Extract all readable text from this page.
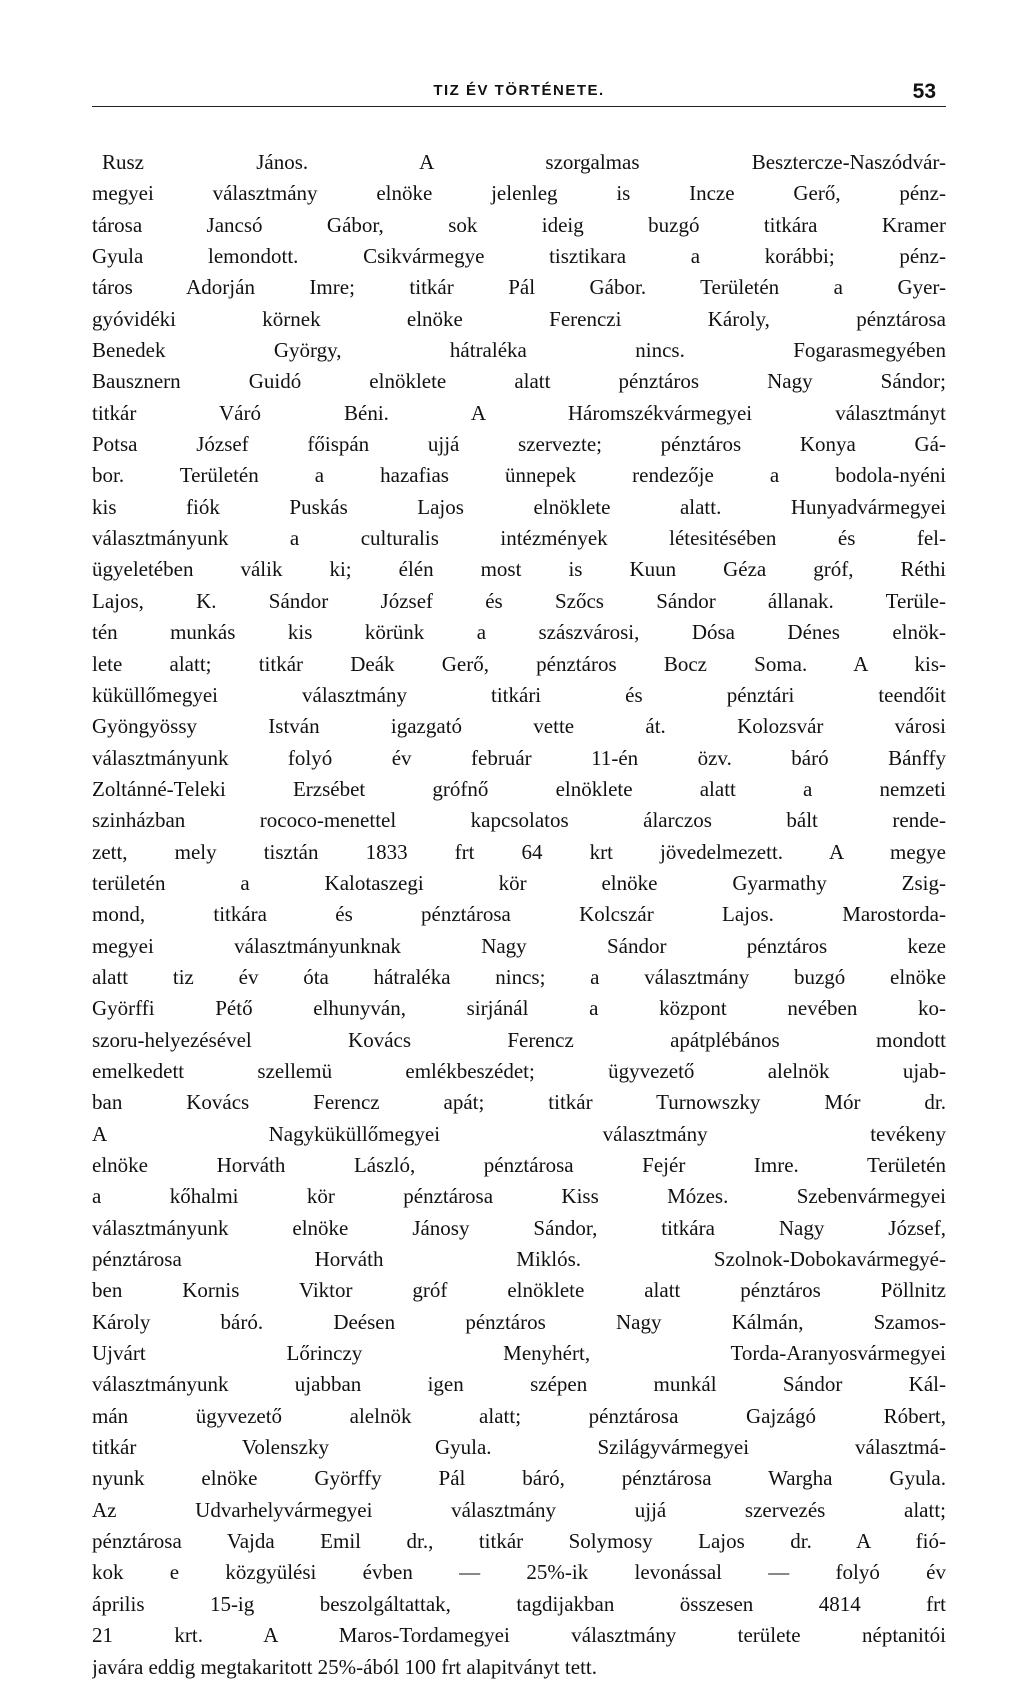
TIZ ÉV TÖRTÉNETE.	53
Rusz János. A szorgalmas Beszterczе-Naszódvár-
megyei választmány elnöke jelenleg is Incze Gerő, pénz-
tárosa Jancsó Gábor, sok ideig buzgó titkára Kramer
Gyula lemondott. Csikvármegye tisztikara a korábbi; pénz-
táros Adorján Imre; titkár Pál Gábor. Területén a Gyer-
gyóvidéki körnek elnöke Ferenczi Károly, pénztárosa
Benedek György, hátraléka nincs. Fogarasmegyében
Bausznern Guidó elnöklete alatt pénztáros Nagy Sándor;
titkár Váró Béni. A Háromszékvármegyei választmányt
Potsa József főispán ujjá szervezte; pénztáros Konya Gá-
bor. Területén a hazafias ünnepek rendezője a bodola-nyéni
kis fiók Puskás Lajos elnöklete alatt. Hunyadvármegyei
választmányunk a culturalis intézmények létesitésében és fel-
ügyeletében válik ki; élén most is Kuun Géza gróf, Réthi
Lajos, K. Sándor József és Szőcs Sándor állanak. Terüle-
tén munkás kis körünk a szászvárosi, Dósa Dénes elnök-
lete alatt; titkár Deák Gerő, pénztáros Bocz Soma. A kis-
küküllőmegyei választmány titkári és pénztári teendőit
Gyöngyössy István igazgató vette át. Kolozsvár városi
választmányunk folyó év február 11-én özv. báró Bánffy
Zoltánné-Teleki Erzsébet grófnő elnöklete alatt a nemzeti
szinházban rococo-menettel kapcsolatos álarczos bált rende-
zett, mely tisztán 1833 frt 64 krt jövedelmezett. A megye
területén a Kalotaszegi kör elnöke Gyarmathy Zsig-
mond, titkára és pénztárosa Kolcszár Lajos. Marostorda-
megyei választmányunknak Nagy Sándor pénztáros keze
alatt tiz év óta hátraléka nincs; a választmány buzgó elnöke
Györffi Pétő elhunyván, sirjánál a központ nevében ko-
szoru-helyezésével Kovács Ferencz apátplébános mondott
emelkedett szellemü emlékbeszédet; ügyvezető alelnök ujab-
ban Kovács Ferencz apát; titkár Turnowszky Mór dr.
A Nagyküküllőmegyei választmány tevékeny
elnöke Horváth László, pénztárosa Fejér Imre. Területén
a kőhalmi kör pénztárosa Kiss Mózes. Szebenvármegyei
választmányunk elnöke Jánosy Sándor, titkára Nagy József,
pénztárosa Horváth Miklós. Szolnok-Dobokavármegyé-
ben Kornis Viktor gróf elnöklete alatt pénztáros Pöllnitz
Károly báró. Deésen pénztáros Nagy Kálmán, Szamos-
Ujvárt Lőrinczy Menyhért, Torda-Aranyosvármegyei
választmányunk ujabban igen szépen munkál Sándor Kál-
mán ügyvezető alelnök alatt; pénztárosa Gajzágó Róbert,
titkár Volenszky Gyula. Szilágyvármegyei választmá-
nyunk elnöke Györffy Pál báró, pénztárosa Wargha Gyula.
Az Udvarhelyvármegyei választmány ujjá szervezés alatt;
pénztárosa Vajda Emil dr., titkár Solymosy Lajos dr. A fió-
kok e közgyülési évben — 25%-ik levonással — folyó év
április 15-ig beszolgáltattak, tagdijakban összesen 4814 frt
21 krt. A Maros-Tordamegyei választmány területe néptanitói
javára eddig megtakaritott 25%-ából 100 frt alapitványt tett.
